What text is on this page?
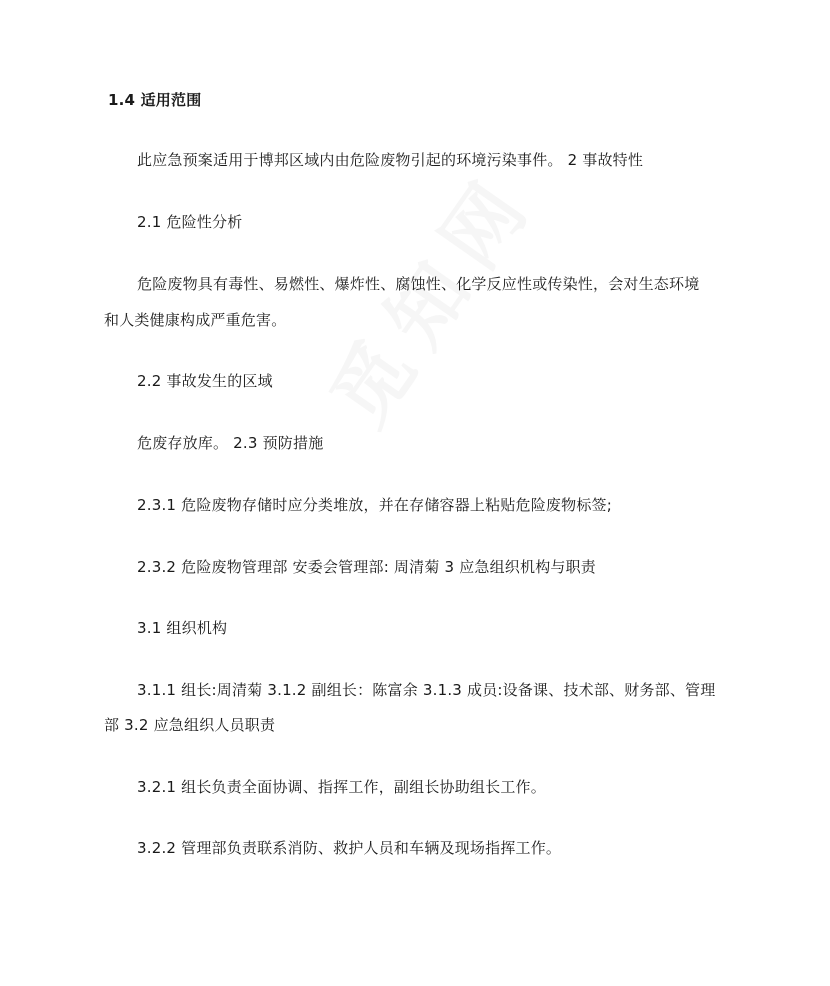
1.4 适用范围
此应急预案适用于博邦区域内由危险废物引起的环境污染事件。 2 事故特性
2.1 危险性分析
危险废物具有毒性、易燃性、爆炸性、腐蚀性、化学反应性或传染性，会对生态环境
和人类健康构成严重危害。
2.2 事故发生的区域
危废存放库。 2.3 预防措施
2.3.1 危险废物存储时应分类堆放，并在存储容器上粘贴危险废物标签;
2.3.2 危险废物管理部 安委会管理部: 周清菊 3 应急组织机构与职责
3.1 组织机构
3.1.1 组长:周清菊 3.1.2 副组长：陈富余 3.1.3 成员:设备课、技术部、财务部、管理
部 3.2 应急组织人员职责
3.2.1 组长负责全面协调、指挥工作，副组长协助组长工作。
3.2.2 管理部负责联系消防、救护人员和车辆及现场指挥工作。
